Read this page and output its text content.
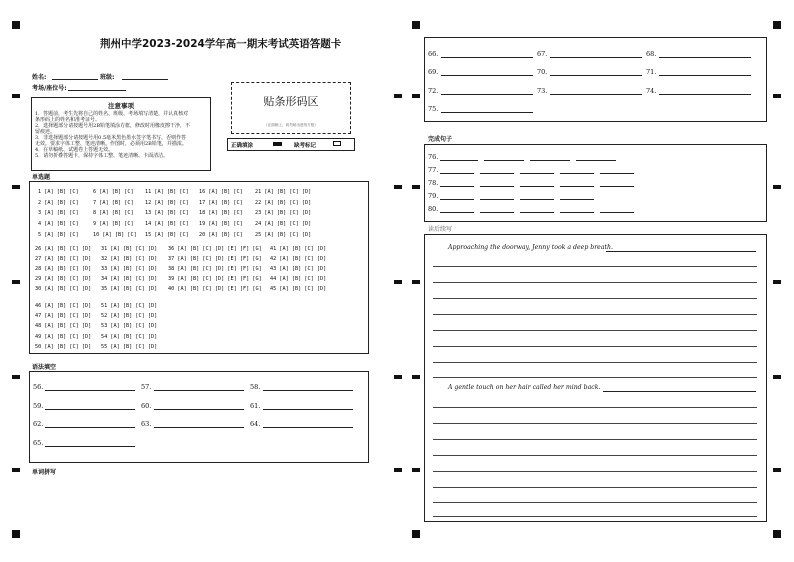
荆州中学2023-2024学年高一期末考试英语答题卡
姓名:	班级:
考场/座位号:
注意事项
1．答题前，考生先将自己的姓名、班级、考场填写清楚，并认真核对
条形码上的姓名和准考证号。
2．选择题部分请按题号用2B铅笔填涂方框，修改时用橡皮擦干净，不
留痕迹。
3．非选择题部分请按题号用0.5毫米黑色墨水签字笔书写，否则作答
无效。要求字体工整、笔迹清晰。作图时，必须用2B铅笔，并描浓。
4．在草稿纸、试题卷上答题无效。
5．请勿折叠答题卡，保持字体工整、笔迹清晰、卡面清洁。
贴条形码区
（正面朝上，切勿贴出虚线方框）
正确填涂	缺考标记
单选题
1 [A] [B] [C]
2 [A] [B] [C]
3 [A] [B] [C]
4 [A] [B] [C]
5 [A] [B] [C]
6 [A] [B] [C]
7 [A] [B] [C]
8 [A] [B] [C]
9 [A] [B] [C]
10 [A] [B] [C]
11 [A] [B] [C]
12 [A] [B] [C]
13 [A] [B] [C]
14 [A] [B] [C]
15 [A] [B] [C]
16 [A] [B] [C]
17 [A] [B] [C]
18 [A] [B] [C]
19 [A] [B] [C]
20 [A] [B] [C]
21 [A] [B] [C] [D]
22 [A] [B] [C] [D]
23 [A] [B] [C] [D]
24 [A] [B] [C] [D]
25 [A] [B] [C] [D]
26 [A] [B] [C] [D]
27 [A] [B] [C] [D]
28 [A] [B] [C] [D]
29 [A] [B] [C] [D]
30 [A] [B] [C] [D]
31 [A] [B] [C] [D]
32 [A] [B] [C] [D]
33 [A] [B] [C] [D]
34 [A] [B] [C] [D]
35 [A] [B] [C] [D]
36 [A] [B] [C] [D] [E] [F] [G]
37 [A] [B] [C] [D] [E] [F] [G]
38 [A] [B] [C] [D] [E] [F] [G]
39 [A] [B] [C] [D] [E] [F] [G]
40 [A] [B] [C] [D] [E] [F] [G]
41 [A] [B] [C] [D]
42 [A] [B] [C] [D]
43 [A] [B] [C] [D]
44 [A] [B] [C] [D]
45 [A] [B] [C] [D]
46 [A] [B] [C] [D]
47 [A] [B] [C] [D]
48 [A] [B] [C] [D]
49 [A] [B] [C] [D]
50 [A] [B] [C] [D]
51 [A] [B] [C] [D]
52 [A] [B] [C] [D]
53 [A] [B] [C] [D]
54 [A] [B] [C] [D]
55 [A] [B] [C] [D]
语法填空
56.	57.	58.
59.	60.	61.
62.	63.	64.
65.
单词拼写
66.	67.	68.
69.	70.	71.
72.	73.	74.
75.
完成句子
76.
77.
78.
79.
80.
读后续写
Approaching the doorway, Jenny took a deep breath.
A gentle touch on her hair called her mind back.
